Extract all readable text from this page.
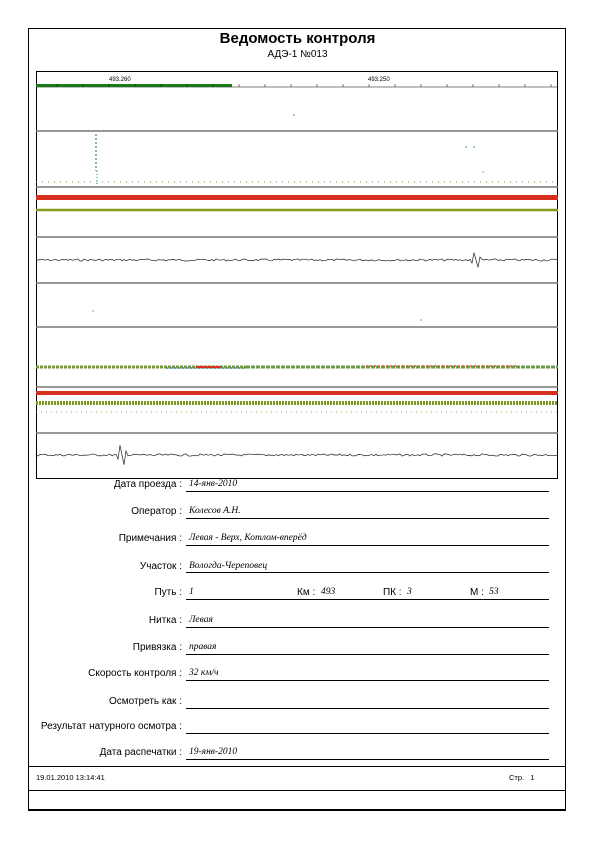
Ведомость контроля
АДЭ-1 №013
493.260	493.250
Дата проезда : 14-янв-2010
Оператор : Колесов А.Н.
Примечания : Левая - Верх, Котлом-вперёд
Участок : Вологда-Череповец
Путь : 1	Км : 493	ПК : 3	М : 53
Нитка : Левая
Привязка : правая
Скорость контроля : 32 км/ч
Осмотреть как :
Результат натурного осмотра :
Дата распечатки : 19-янв-2010
19.01.2010 13:14:41	Стр. 1
